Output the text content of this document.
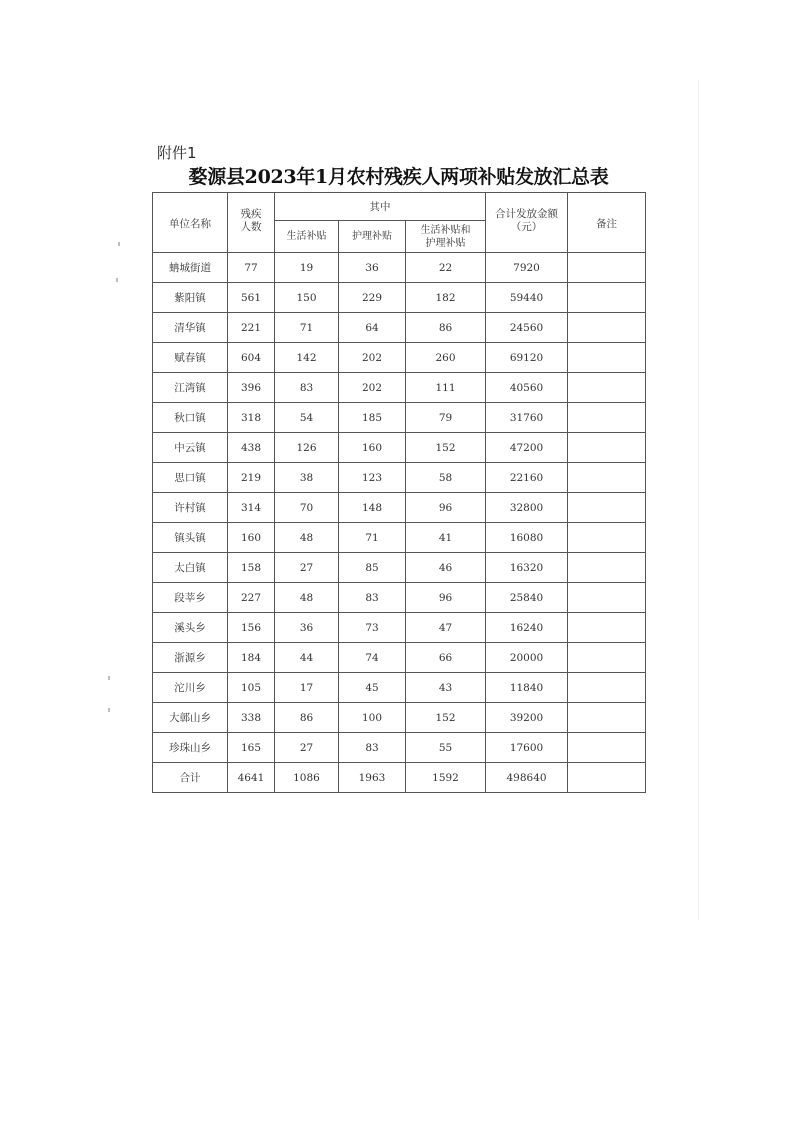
附件1
婺源县2023年1月农村残疾人两项补贴发放汇总表
单位名称	残疾人数	其中			合计发放金额（元）	备注
		生活补贴	护理补贴	生活补贴和护理补贴		

蚺城街道	77	19	36	22	7920	
紫阳镇	561	150	229	182	59440	
清华镇	221	71	64	86	24560	
赋春镇	604	142	202	260	69120	
江湾镇	396	83	202	111	40560	
秋口镇	318	54	185	79	31760	
中云镇	438	126	160	152	47200	
思口镇	219	38	123	58	22160	
许村镇	314	70	148	96	32800	
镇头镇	160	48	71	41	16080	
太白镇	158	27	85	46	16320	
段莘乡	227	48	83	96	25840	
溪头乡	156	36	73	47	16240	
浙源乡	184	44	74	66	20000	
沱川乡	105	17	45	43	11840	
大鄣山乡	338	86	100	152	39200	
珍珠山乡	165	27	83	55	17600	
合计	4641	1086	1963	1592	498640	
